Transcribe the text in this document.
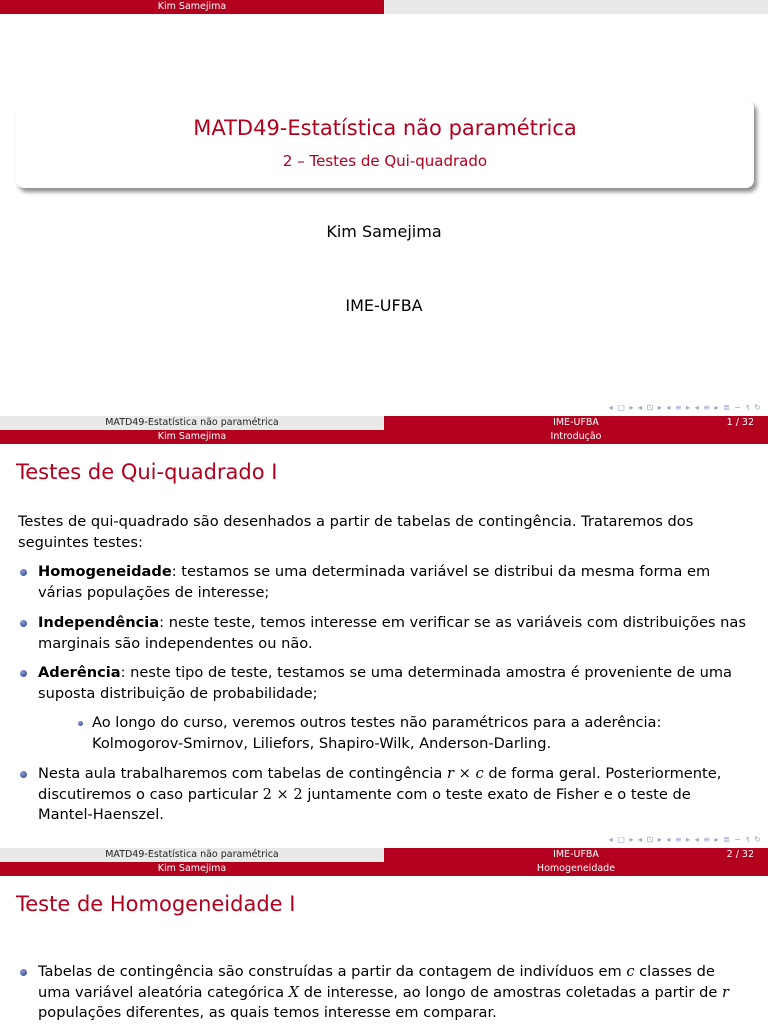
Kim Samejima
MATD49-Estatística não paramétrica
2 – Testes de Qui-quadrado
Kim Samejima
IME-UFBA
◂ □ ▸ ◂ ⊡ ▸ ◂ ≡ ▸ ◂ ≡ ▸ ≣ ∽ ९ ↻
MATD49-Estatística não paramétrica	IME-UFBA	1 / 32
Kim Samejima	Introdução
Testes de Qui-quadrado I
Testes de qui-quadrado são desenhados a partir de tabelas de contingência. Trataremos dos seguintes testes:
Homogeneidade: testamos se uma determinada variável se distribui da mesma forma em várias populações de interesse;
Independência: neste teste, temos interesse em verificar se as variáveis com distribuições nas marginais são independentes ou não.
Aderência: neste tipo de teste, testamos se uma determinada amostra é proveniente de uma suposta distribuição de probabilidade;
Ao longo do curso, veremos outros testes não paramétricos para a aderência: Kolmogorov-Smirnov, Liliefors, Shapiro-Wilk, Anderson-Darling.
Nesta aula trabalharemos com tabelas de contingência r × c de forma geral. Posteriormente, discutiremos o caso particular 2 × 2 juntamente com o teste exato de Fisher e o teste de Mantel-Haenszel.
◂ □ ▸ ◂ ⊡ ▸ ◂ ≡ ▸ ◂ ≡ ▸ ≣ ∽ ९ ↻
MATD49-Estatística não paramétrica	IME-UFBA	2 / 32
Kim Samejima	Homogeneidade
Teste de Homogeneidade I
Tabelas de contingência são construídas a partir da contagem de indivíduos em c classes de uma variável aleatória categórica X de interesse, ao longo de amostras coletadas a partir de r populações diferentes, as quais temos interesse em comparar.
